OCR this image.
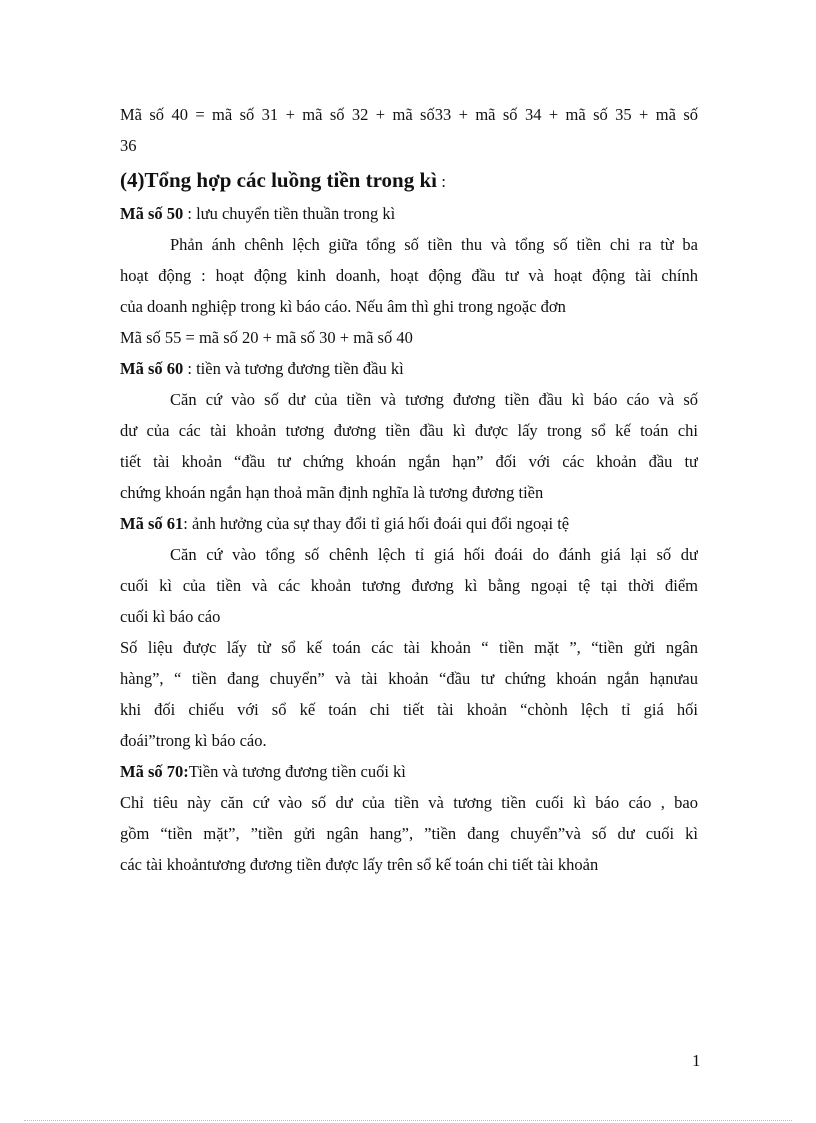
Mã số 40 = mã số 31 + mã số 32 + mã số33 + mã số 34 + mã số 35 + mã số
36
(4)Tổng hợp các luồng tiền trong kì :
Mã số 50 : lưu chuyển tiền thuần trong kì
Phản ánh chênh lệch giữa tổng số tiền thu và tổng số tiền chi ra từ ba
hoạt động : hoạt động kinh doanh, hoạt động đầu tư và hoạt động tài chính
của doanh nghiệp trong kì báo cáo. Nếu âm thì ghi trong ngoặc đơn
Mã số 55 = mã số 20 + mã số 30 + mã số 40
Mã số 60 : tiền và tương đương tiền đầu kì
Căn cứ vào số dư của tiền và tương đương tiền đầu kì báo cáo và số
dư của các tài khoản tương đương tiền đầu kì được lấy trong sổ kế toán chi
tiết tài khoản “đầu tư chứng khoán ngắn hạn” đối với các khoản đầu tư
chứng khoán ngắn hạn thoả mãn định nghĩa là tương đương tiền
Mã số 61: ảnh hưởng của sự thay đổi tỉ giá hối đoái qui đổi ngoại tệ
Căn cứ vào tổng số chênh lệch tỉ giá hối đoái do đánh giá lại số dư
cuối kì của tiền và các khoản tương đương kì bằng ngoại tệ tại thời điểm
cuối kì báo cáo
Số liệu được lấy từ sổ kế toán các tài khoản “ tiền mặt ”, “tiền gửi ngân
hàng”, “ tiền đang chuyển” và tài khoản “đầu tư chứng khoán ngắn hạnưau
khi đối chiếu với sổ kế toán chi tiết tài khoản “chònh lệch tỉ giá hối
đoái”trong kì báo cáo.
Mã số 70:Tiền và tương đương tiền cuối kì
Chỉ tiêu này căn cứ vào số dư của tiền và tương tiền cuối kì báo cáo , bao
gồm “tiền mặt”, ”tiền gửi ngân hang”, ”tiền đang chuyển”và số dư cuối kì
các tài khoảntương đương tiền được lấy trên sổ kế toán chi tiết tài khoản
1
